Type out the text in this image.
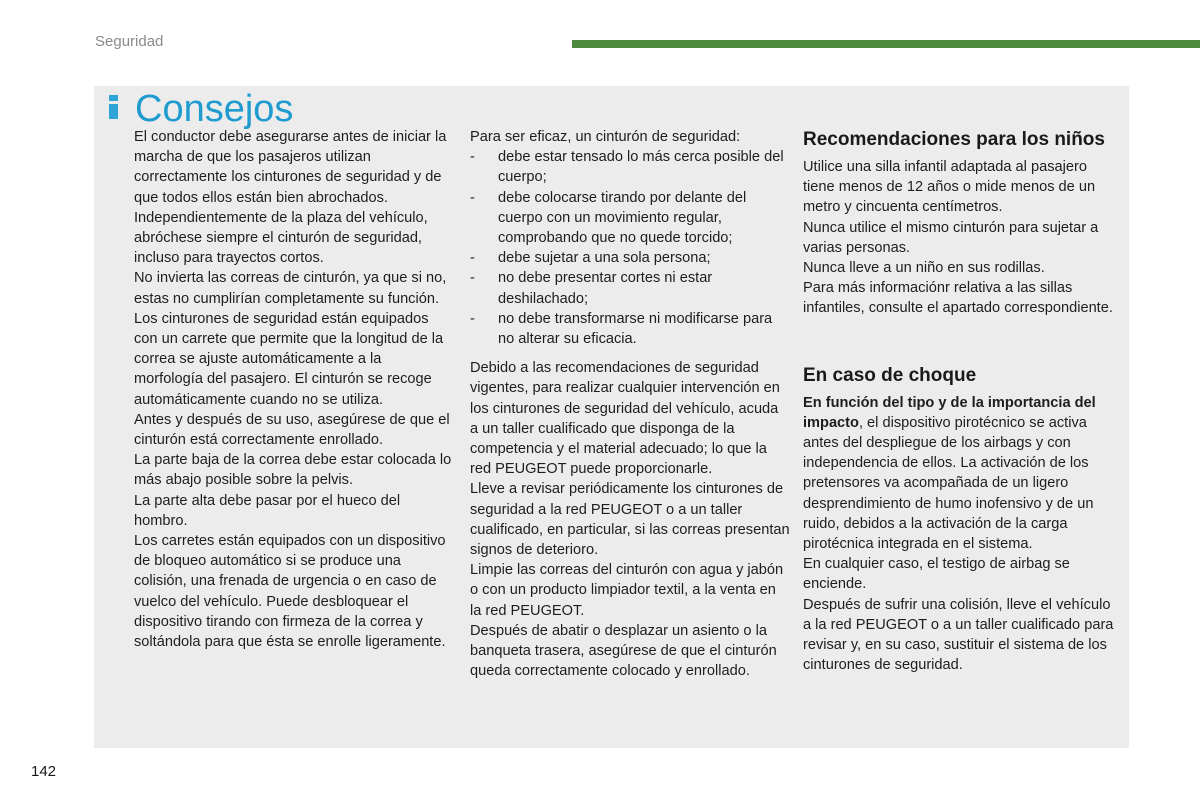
Seguridad
Consejos

El conductor debe asegurarse antes de iniciar la marcha de que los pasajeros utilizan correctamente los cinturones de seguridad y de que todos ellos están bien abrochados.

Independientemente de la plaza del vehículo, abróchese siempre el cinturón de seguridad, incluso para trayectos cortos.

No invierta las correas de cinturón, ya que si no, estas no cumplirían completamente su función.

Los cinturones de seguridad están equipados con un carrete que permite que la longitud de la correa se ajuste automáticamente a la morfología del pasajero. El cinturón se recoge automáticamente cuando no se utiliza.

Antes y después de su uso, asegúrese de que el cinturón está correctamente enrollado.

La parte baja de la correa debe estar colocada lo más abajo posible sobre la pelvis.

La parte alta debe pasar por el hueco del hombro.

Los carretes están equipados con un dispositivo de bloqueo automático si se produce una colisión, una frenada de urgencia o en caso de vuelco del vehículo. Puede desbloquear el dispositivo tirando con firmeza de la correa y soltándola para que ésta se enrolle ligeramente.

Para ser eficaz, un cinturón de seguridad:

-	debe estar tensado lo más cerca posible del cuerpo;
-	debe colocarse tirando por delante del cuerpo con un movimiento regular, comprobando que no quede torcido;
-	debe sujetar a una sola persona;
-	no debe presentar cortes ni estar deshilachado;
-	no debe transformarse ni modificarse para no alterar su eficacia.

Debido a las recomendaciones de seguridad vigentes, para realizar cualquier intervención en los cinturones de seguridad del vehículo, acuda a un taller cualificado que disponga de la competencia y el material adecuado; lo que la red PEUGEOT puede proporcionarle.

Lleve a revisar periódicamente los cinturones de seguridad a la red PEUGEOT o a un taller cualificado, en particular, si las correas presentan signos de deterioro.

Limpie las correas del cinturón con agua y jabón o con un producto limpiador textil, a la venta en la red PEUGEOT.

Después de abatir o desplazar un asiento o la banqueta trasera, asegúrese de que el cinturón queda correctamente colocado y enrollado.

Recomendaciones para los niños

Utilice una silla infantil adaptada al pasajero tiene menos de 12 años o mide menos de un metro y cincuenta centímetros.

Nunca utilice el mismo cinturón para sujetar a varias personas.

Nunca lleve a un niño en sus rodillas.

Para más informaciónr relativa a las sillas infantiles, consulte el apartado correspondiente.

En caso de choque

En función del tipo y de la importancia del impacto, el dispositivo pirotécnico se activa antes del despliegue de los airbags y con independencia de ellos. La activación de los pretensores va acompañada de un ligero desprendimiento de humo inofensivo y de un ruido, debidos a la activación de la carga pirotécnica integrada en el sistema.

En cualquier caso, el testigo de airbag se enciende.

Después de sufrir una colisión, lleve el vehículo a la red PEUGEOT o a un taller cualificado para revisar y, en su caso, sustituir el sistema de los cinturones de seguridad.

142
